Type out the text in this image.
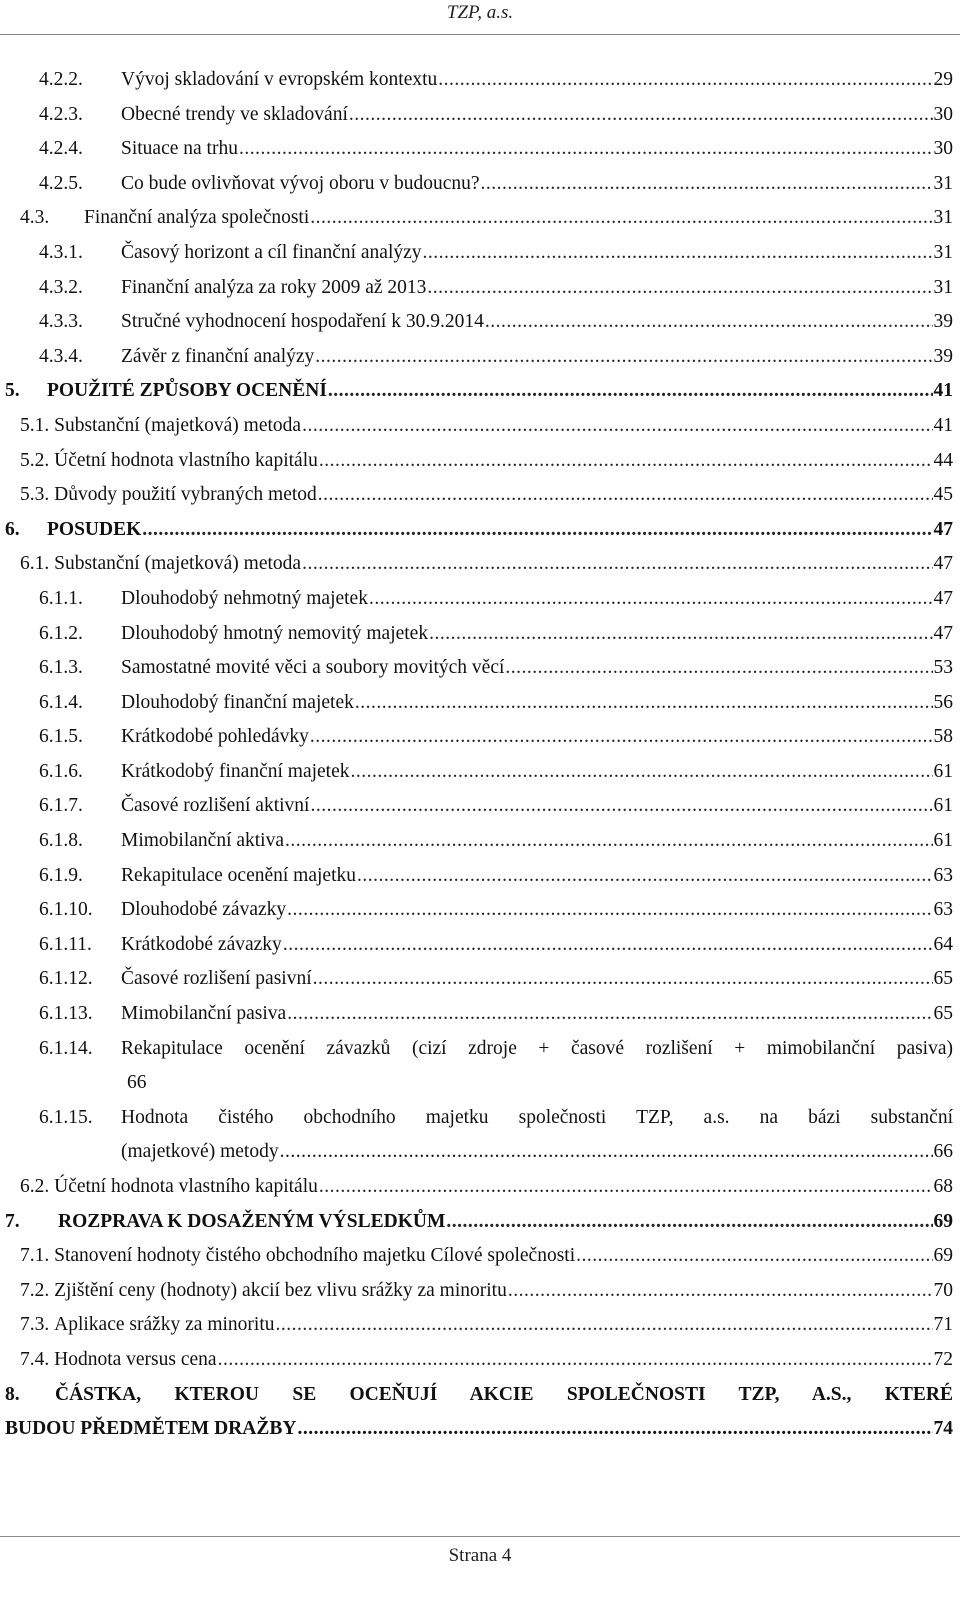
TZP, a.s.
4.2.2.	Vývoj skladování v evropském kontextu .....	29
4.2.3.	Obecné trendy ve skladování .....	30
4.2.4.	Situace na trhu .....	30
4.2.5.	Co bude ovlivňovat vývoj oboru v budoucnu? .....	31
4.3.	Finanční analýza společnosti .....	31
4.3.1.	Časový horizont a cíl finanční analýzy .....	31
4.3.2.	Finanční analýza za roky 2009 až 2013 .....	31
4.3.3.	Stručné vyhodnocení hospodaření k 30.9.2014 .....	39
4.3.4.	Závěr z finanční analýzy .....	39
5.	POUŽITÉ ZPŮSOBY OCENĚNÍ .....	41
5.1. Substanční (majetková) metoda .....	41
5.2. Účetní hodnota vlastního kapitálu .....	44
5.3. Důvody použití vybraných metod .....	45
6.	POSUDEK .....	47
6.1. Substanční (majetková) metoda .....	47
6.1.1.	Dlouhodobý nehmotný majetek .....	47
6.1.2.	Dlouhodobý hmotný nemovitý majetek .....	47
6.1.3.	Samostatné movité věci a soubory movitých věcí .....	53
6.1.4.	Dlouhodobý finanční majetek .....	56
6.1.5.	Krátkodobé pohledávky .....	58
6.1.6.	Krátkodobý finanční majetek .....	61
6.1.7.	Časové rozlišení aktivní .....	61
6.1.8.	Mimobilanční aktiva .....	61
6.1.9.	Rekapitulace ocenění majetku .....	63
6.1.10.	Dlouhodobé závazky .....	63
6.1.11.	Krátkodobé závazky .....	64
6.1.12.	Časové rozlišení pasivní .....	65
6.1.13.	Mimobilanční pasiva .....	65
6.1.14.	Rekapitulace ocenění závazků (cizí zdroje + časové rozlišení + mimobilanční pasiva)
66
6.1.15.	Hodnota čistého obchodního majetku společnosti TZP, a.s. na bázi substanční
(majetkové) metody .....	66
6.2. Účetní hodnota vlastního kapitálu .....	68
7.	ROZPRAVA K DOSAŽENÝM VÝSLEDKŮM .....	69
7.1. Stanovení hodnoty čistého obchodního majetku Cílové společnosti .....	69
7.2. Zjištění ceny (hodnoty) akcií bez vlivu srážky za minoritu .....	70
7.3. Aplikace srážky za minoritu .....	71
7.4. Hodnota versus cena .....	72
8.	ČÁSTKA, KTEROU SE OCEŇUJÍ AKCIE SPOLEČNOSTI TZP, A.S., KTERÉ
BUDOU PŘEDMĚTEM DRAŽBY .....	74
Strana 4
